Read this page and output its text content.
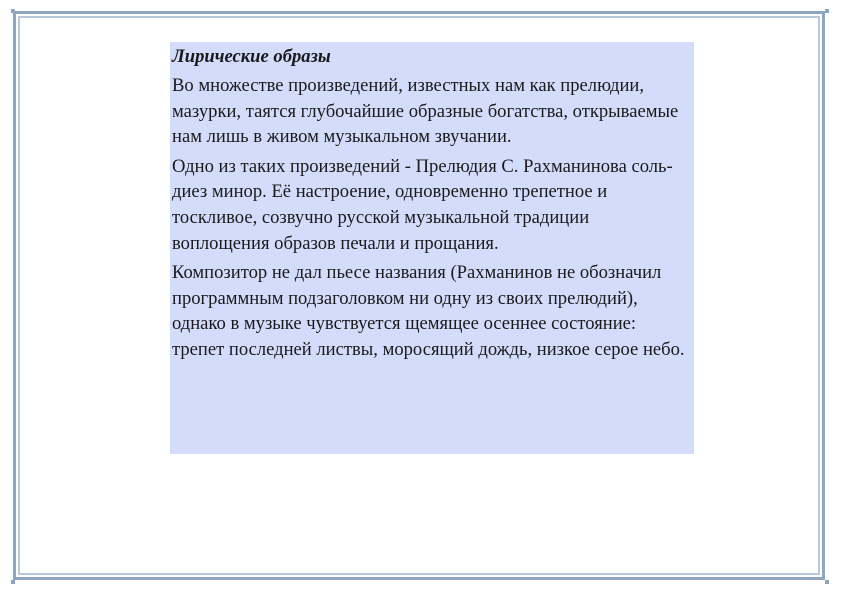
Лирические образы
Во множестве произведений, известных нам как прелюдии, мазурки, таятся глубочайшие образные богатства, открываемые нам лишь в живом музыкальном звучании.
Одно из таких произведений - Прелюдия С. Рахманинова соль-диез минор. Её настроение, одновременно трепетное и тоскливое, созвучно русской музыкальной традиции воплощения образов печали и прощания.
Композитор не дал пьесе названия (Рахманинов не обозначил программным подзаголовком ни одну из своих прелюдий), однако в музыке чувствуется щемящее осеннее состояние: трепет последней листвы, моросящий дождь, низкое серое небо.
